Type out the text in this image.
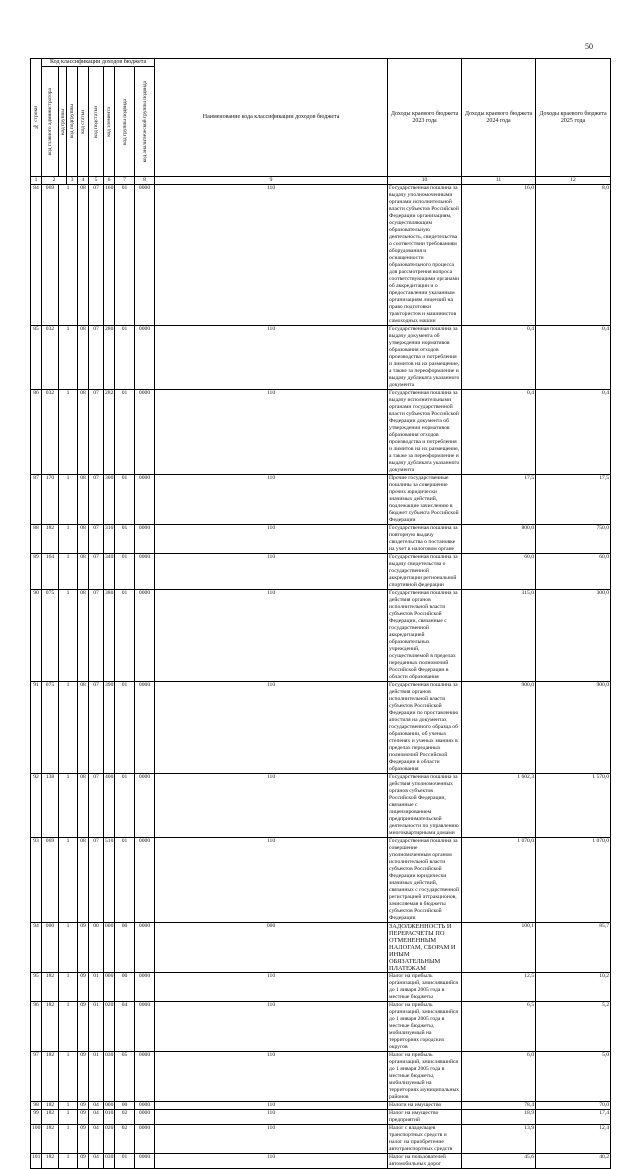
50
№ строки	Код классификации доходов бюджета								Наименование кода классификации доходов бюджета	Доходы краевого бюджета 2023 года	Доходы краевого бюджета 2024 года	Доходы краевого бюджета 2025 года	

	код главного администратора	код группы	код подгруппы	код статьи	код подстатьи	код элемента	код группы подвида	код аналитической группы подвида					

1	2		3	4	5	6	7	8	9	10	11	12	
84	069	1		08	07	160	01	0000	110	Государственная пошлина за выдачу уполномоченными органами исполнительной власти субъектов Российской Федерации организациям, осуществляющим образовательную деятельность, свидетельства о соответствии требованиям оборудования и оснащенности образовательного процесса для рассмотрения вопроса соответствующими органами об аккредитации и о предоставлении указанным организациям лицензий на право подготовки трактористов и машинистов самоходных машин	16,0	8,0	
85	032	1		08	07	280	01	0000	110	Государственная пошлина за выдачу документа об утверждении нормативов образования отходов производства и потребления и лимитов на их размещение, а также за переоформление и выдачу дубликата указанного документа	0,4	0,4	
86	032	1		08	07	282	01	0000	110	Государственная пошлина за выдачу исполнительными органами государственной власти субъектов Российской Федерации документа об утверждении нормативов образования отходов производства и потребления и лимитов на их размещение, а также за переоформление и выдачу дубликата указанного документа	0,4	0,4	
87	170	1		08	07	300	01	0000	110	Прочие государственные пошлины за совершение прочих юридически значимых действий, подлежащие зачислению в бюджет субъекта Российской Федерации	17,5	17,5	
88	182	1		08	07	310	01	0000	110	Государственная пошлина за повторную выдачу свидетельства о постановке на учет в налоговом органе	800,0	750,0	
89	164	1		08	07	340	01	0000	110	Государственная пошлина за выдачу свидетельства о государственной аккредитации региональной спортивной федерации	60,0	60,0	
90	075	1		08	07	380	01	0000	110	Государственная пошлина за действия органов исполнительной власти субъектов Российской Федерации, связанные с государственной аккредитацией образовательных учреждений, осуществляемой в пределах переданных полномочий Российской Федерации в области образования	315,0	300,0	
91	075	1		08	07	390	01	0000	110	Государственная пошлина за действия органов исполнительной власти субъектов Российской Федерации по проставлению апостиля на документах государственного образца об образовании, об ученых степенях и ученых званиях в пределах переданных полномочий Российской Федерации в области образования	900,0	900,0	
92	138	1		08	07	400	01	0000	110	Государственная пошлина за действия уполномоченных органов субъектов Российской Федерации, связанные с лицензированием предпринимательской деятельности по управлению многоквартирными домами	1 602,3	1 570,0	
93	069	1		08	07	510	01	0000	110	Государственная пошлина за совершение уполномоченным органом исполнительной власти субъектов Российской Федерации юридически значимых действий, связанных с государственной регистрацией аттракционов, зачисляемая в бюджеты субъектов Российской Федерации	1 070,0	1 070,0	
94	000	1		09	00	000	00	0000	000	ЗАДОЛЖЕННОСТЬ И ПЕРЕРАСЧЕТЫ ПО ОТМЕНЕННЫМ НАЛОГАМ, СБОРАМ И ИНЫМ ОБЯЗАТЕЛЬНЫМ ПЛАТЕЖАМ	100,1	85,7	
95	182	1		09	01	000	00	0000	110	Налог на прибыль организаций, зачислявшийся до 1 января 2005 года в местные бюджеты	12,5	10,2	
96	182	1		09	01	020	04	0000	110	Налог на прибыль организаций, зачислявшийся до 1 января 2005 года в местные бюджеты, мобилизуемый на территориях городских округов	6,5	5,2	
97	182	1		09	01	030	05	0000	110	Налог на прибыль организаций, зачислявшийся до 1 января 2005 года в местные бюджеты, мобилизуемый на территориях муниципальных районов	6,0	5,0	
98	182	1		09	04	000	00	0000	110	Налоги на имущество	78,4	70,0	
99	182	1		09	04	010	02	0000	110	Налог на имущество предприятий	18,9	17,4	
100	182	1		09	04	020	02	0000	110	Налог с владельцев транспортных средств и налог на приобретение автотранспортных средств	13,9	12,4	
101	182	1		09	04	030	01	0000	110	Налог на пользователей автомобильных дорог	45,6	40,2	
